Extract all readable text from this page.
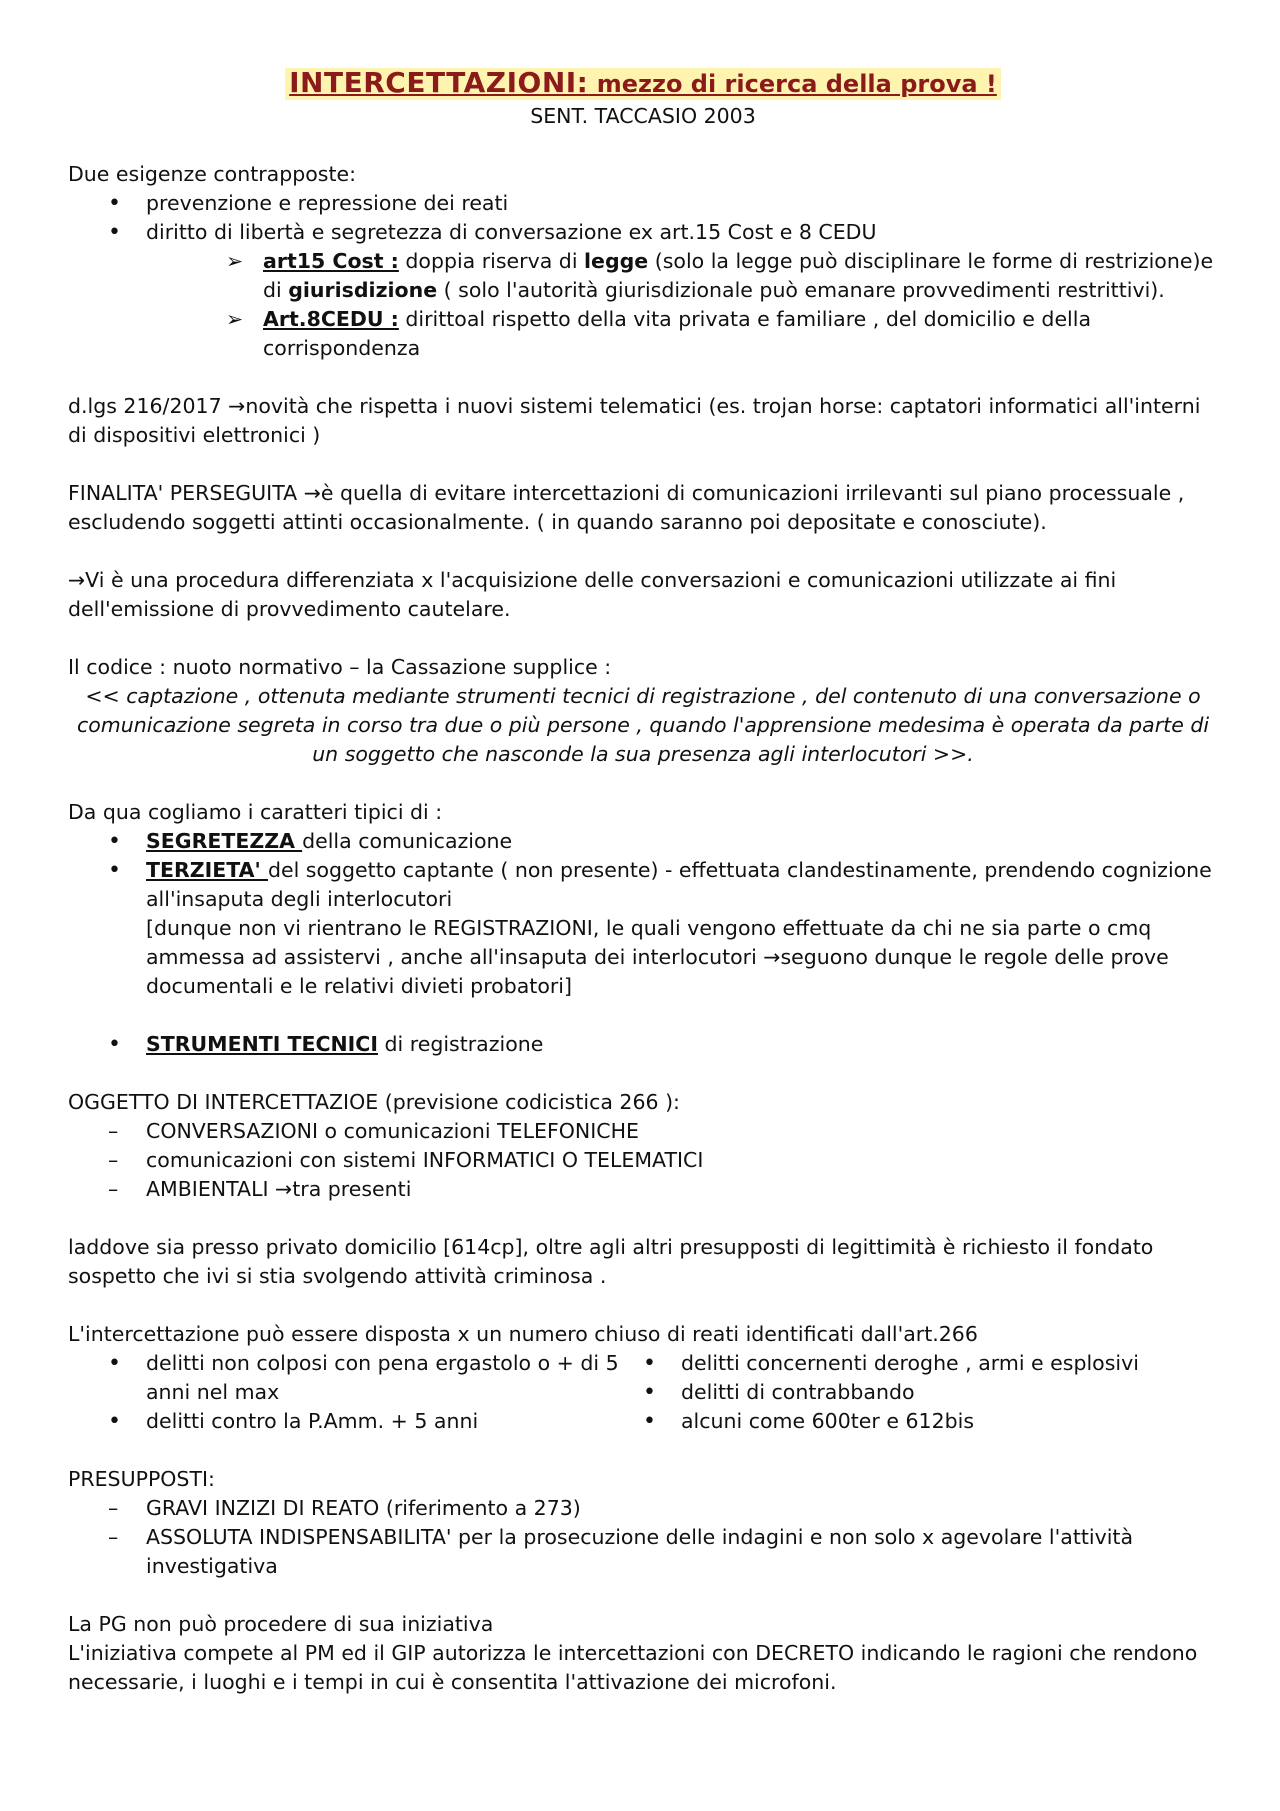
INTERCETTAZIONI: mezzo di ricerca della prova !
SENT. TACCASIO 2003

Due esigenze contrapposte:

• prevenzione e repressione dei reati
• diritto di libertà e segretezza di conversazione ex art.15 Cost e 8 CEDU
➢ art15 Cost : doppia riserva di legge (solo la legge può disciplinare le forme di restrizione)e di giurisdizione ( solo l'autorità giurisdizionale può emanare provvedimenti restrittivi).
➢ Art.8CEDU : dirittoal rispetto della vita privata e familiare , del domicilio e della corrispondenza

d.lgs 216/2017 →novità che rispetta i nuovi sistemi telematici (es. trojan horse: captatori informatici all'interni di dispositivi elettronici )

FINALITA' PERSEGUITA →è quella di evitare intercettazioni di comunicazioni irrilevanti sul piano processuale , escludendo soggetti attinti occasionalmente. ( in quando saranno poi depositate e conosciute).

→Vi è una procedura differenziata x l'acquisizione delle conversazioni e comunicazioni utilizzate ai fini dell'emissione di provvedimento cautelare.

Il codice : nuoto normativo – la Cassazione supplice :

<< captazione , ottenuta mediante strumenti tecnici di registrazione , del contenuto di una conversazione o comunicazione segreta in corso tra due o più persone , quando l'apprensione medesima è operata da parte di un soggetto che nasconde la sua presenza agli interlocutori >>.

Da qua cogliamo i caratteri tipici di :

• SEGRETEZZA della comunicazione
• TERZIETA' del soggetto captante ( non presente) - effettuata clandestinamente, prendendo cognizione all'insaputa degli interlocutori
[dunque non vi rientrano le REGISTRAZIONI, le quali vengono effettuate da chi ne sia parte o cmq ammessa ad assistervi , anche all'insaputa dei interlocutori →seguono dunque le regole delle prove documentali e le relativi divieti probatori]

• STRUMENTI TECNICI di registrazione

OGGETTO DI INTERCETTAZIOE (previsione codicistica 266 ):

– CONVERSAZIONI o comunicazioni TELEFONICHE
– comunicazioni con sistemi INFORMATICI O TELEMATICI
– AMBIENTALI →tra presenti

laddove sia presso privato domicilio [614cp], oltre agli altri presupposti di legittimità è richiesto il fondato sospetto che ivi si stia svolgendo attività criminosa .

L'intercettazione può essere disposta x un numero chiuso di reati identificati dall'art.266

• delitti non colposi con pena ergastolo o + di 5 anni nel max
• delitti contro la P.Amm. + 5 anni
• delitti concernenti deroghe , armi e esplosivi
• delitti di contrabbando
• alcuni come 600ter e 612bis

PRESUPPOSTI:

– GRAVI INZIZI DI REATO (riferimento a 273)
– ASSOLUTA INDISPENSABILITA' per la prosecuzione delle indagini e non solo x agevolare l'attività investigativa

La PG non può procedere di sua iniziativa

L'iniziativa compete al PM ed il GIP autorizza le intercettazioni con DECRETO indicando le ragioni che rendono necessarie, i luoghi e i tempi in cui è consentita l'attivazione dei microfoni.
